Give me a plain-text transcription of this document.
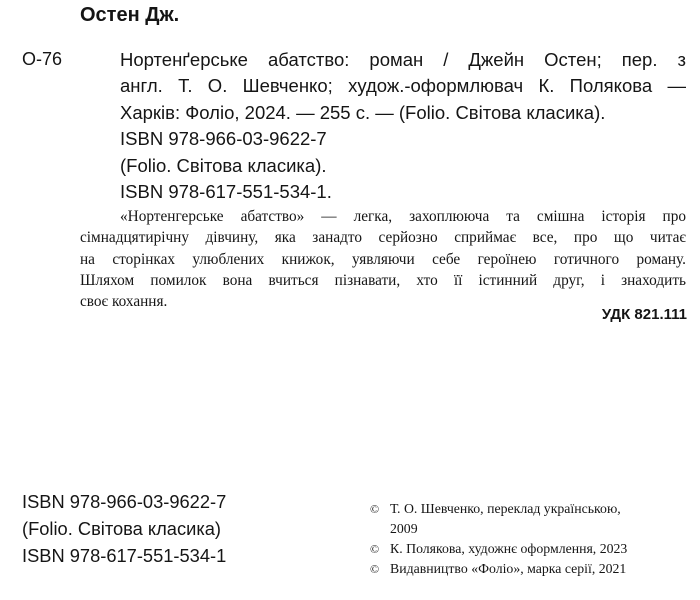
Остен Дж.
О-76	Нортенґерське абатство: роман / Джейн Остен; пер. з
англ. Т. О. Шевченко; худож.-оформлювач К. Полякова —
Харків: Фоліо, 2024. — 255 с. — (Folio. Світова класика).
ISBN 978-966-03-9622-7
(Folio. Світова класика).
ISBN 978-617-551-534-1.
«Нортенгерське абатство» — легка, захоплююча та смішна історія про
сімнадцятирічну дівчину, яка занадто серйозно сприймає все, про що читає
на сторінках улюблених книжок, уявляючи себе героїнею готичного роману.
Шляхом помилок вона вчиться пізнавати, хто її істинний друг, і знаходить
своє кохання.
УДК 821.111
ISBN 978-966-03-9622-7
(Folio. Світова класика)
ISBN 978-617-551-534-1
© Т. О. Шевченко, переклад українською,
2009
© К. Полякова, художнє оформлення, 2023
© Видавництво «Фоліо», марка серії, 2021
